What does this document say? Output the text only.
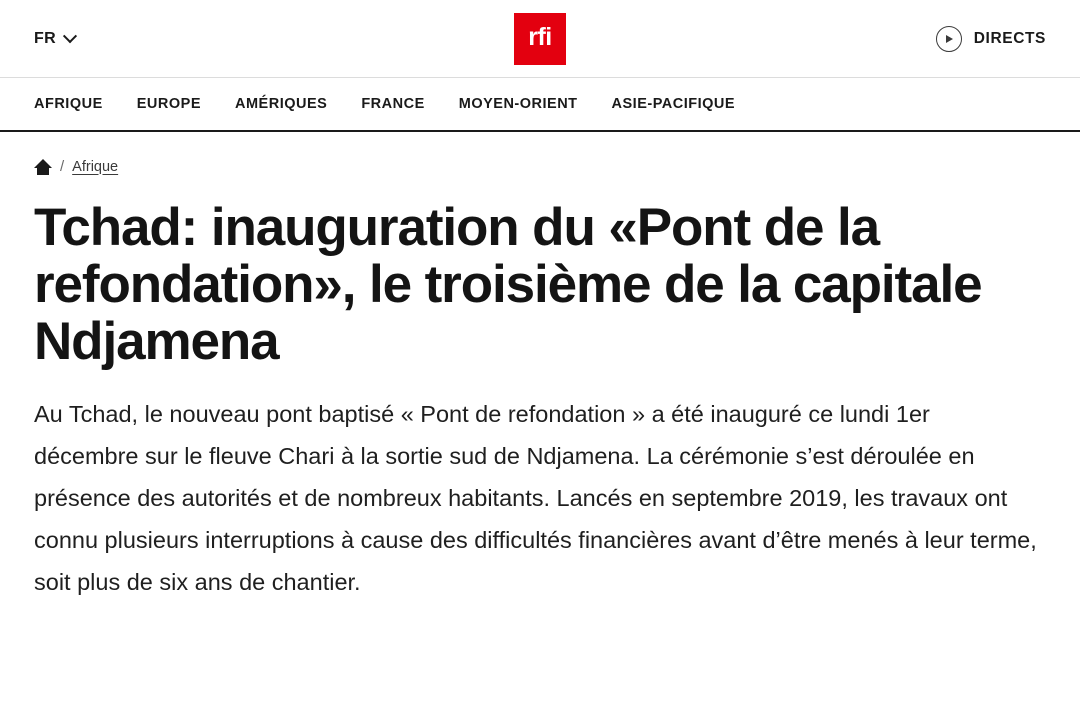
FR	rfi	DIRECTS
AFRIQUE	EUROPE	AMÉRIQUES	FRANCE	MOYEN-ORIENT	ASIE-PACIFIQUE
/ Afrique
Tchad: inauguration du «Pont de la refondation», le troisième de la capitale Ndjamena

Au Tchad, le nouveau pont baptisé « Pont de refondation » a été inauguré ce lundi 1er décembre sur le fleuve Chari à la sortie sud de Ndjamena. La cérémonie s’est déroulée en présence des autorités et de nombreux habitants. Lancés en septembre 2019, les travaux ont connu plusieurs interruptions à cause des difficultés financières avant d’être menés à leur terme, soit plus de six ans de chantier.
